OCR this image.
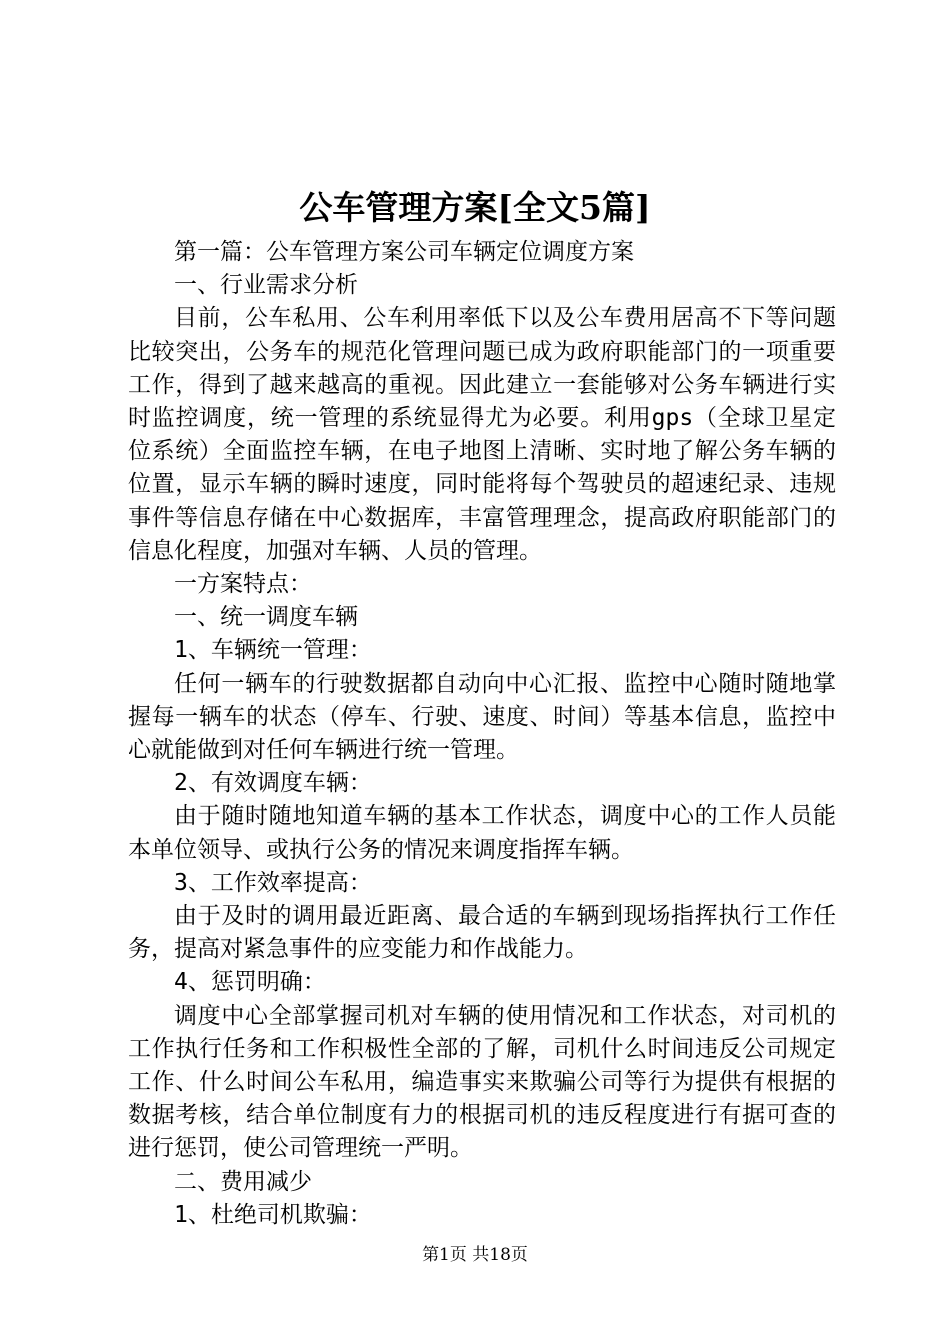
公车管理方案[全文5篇]

第一篇：公车管理方案公司车辆定位调度方案

一、行业需求分析

目前，公车私用、公车利用率低下以及公车费用居高不下等问题比较突出，公务车的规范化管理问题已成为政府职能部门的一项重要工作，得到了越来越高的重视。因此建立一套能够对公务车辆进行实时监控调度，统一管理的系统显得尤为必要。利用gps（全球卫星定位系统）全面监控车辆，在电子地图上清晰、实时地了解公务车辆的位置，显示车辆的瞬时速度，同时能将每个驾驶员的超速纪录、违规事件等信息存储在中心数据库，丰富管理理念，提高政府职能部门的信息化程度，加强对车辆、人员的管理。

一方案特点：

一、统一调度车辆

1、车辆统一管理：

任何一辆车的行驶数据都自动向中心汇报、监控中心随时随地掌握每一辆车的状态（停车、行驶、速度、时间）等基本信息，监控中心就能做到对任何车辆进行统一管理。

2、有效调度车辆：

由于随时随地知道车辆的基本工作状态，调度中心的工作人员能本单位领导、或执行公务的情况来调度指挥车辆。

3、工作效率提高：

由于及时的调用最近距离、最合适的车辆到现场指挥执行工作任务，提高对紧急事件的应变能力和作战能力。

4、惩罚明确：

调度中心全部掌握司机对车辆的使用情况和工作状态，对司机的工作执行任务和工作积极性全部的了解，司机什么时间违反公司规定工作、什么时间公车私用，编造事实来欺骗公司等行为提供有根据的数据考核，结合单位制度有力的根据司机的违反程度进行有据可查的进行惩罚，使公司管理统一严明。

二、费用减少

1、杜绝司机欺骗：

第1页 共18页
